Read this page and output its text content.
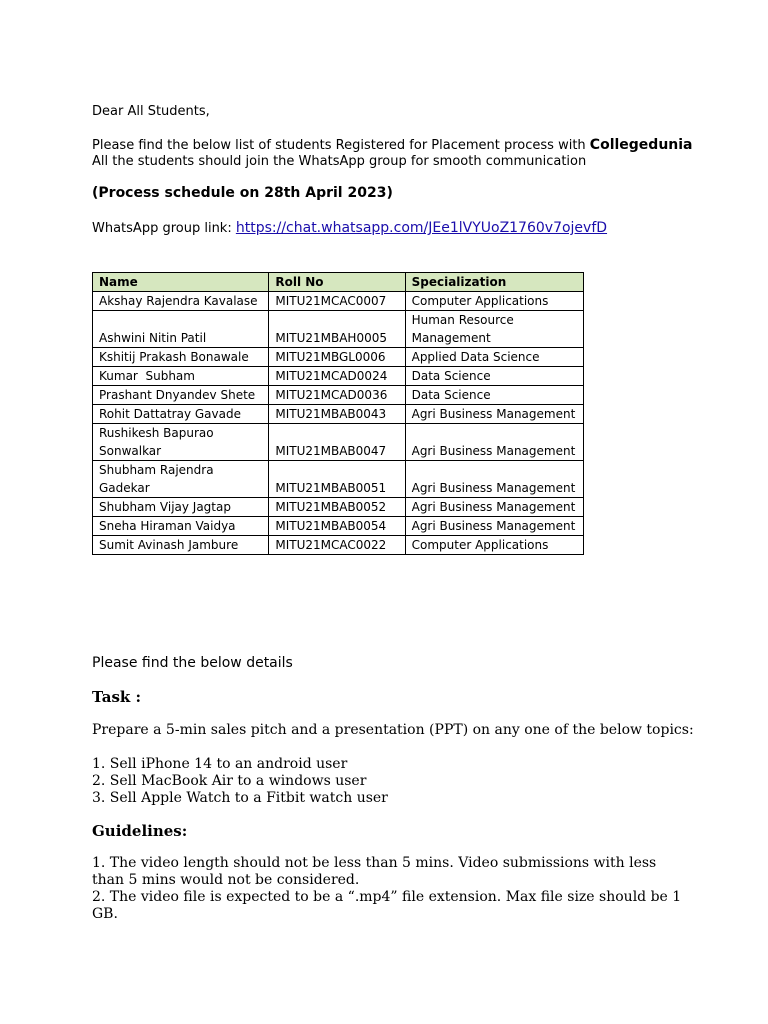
Dear All Students,
Please find the below list of students Registered for Placement process with Collegedunia
All the students should join the WhatsApp group for smooth communication
(Process schedule on 28th April 2023)
WhatsApp group link: https://chat.whatsapp.com/JEe1lVYUoZ1760v7ojevfD
Name	Roll No	Specialization
Akshay Rajendra Kavalase	MITU21MCAC0007	Computer Applications
Ashwini Nitin Patil	MITU21MBAH0005	Human Resource Management
Kshitij Prakash Bonawale	MITU21MBGL0006	Applied Data Science
Kumar  Subham	MITU21MCAD0024	Data Science
Prashant Dnyandev Shete	MITU21MCAD0036	Data Science
Rohit Dattatray Gavade	MITU21MBAB0043	Agri Business Management
Rushikesh Bapurao Sonwalkar	MITU21MBAB0047	Agri Business Management
Shubham Rajendra Gadekar	MITU21MBAB0051	Agri Business Management
Shubham Vijay Jagtap	MITU21MBAB0052	Agri Business Management
Sneha Hiraman Vaidya	MITU21MBAB0054	Agri Business Management
Sumit Avinash Jambure	MITU21MCAC0022	Computer Applications
Please find the below details
Task :
Prepare a 5-min sales pitch and a presentation (PPT) on any one of the below topics:
1. Sell iPhone 14 to an android user
2. Sell MacBook Air to a windows user
3. Sell Apple Watch to a Fitbit watch user
Guidelines:
1. The video length should not be less than 5 mins. Video submissions with less than 5 mins would not be considered.
2. The video file is expected to be a “.mp4” file extension. Max file size should be 1 GB.
